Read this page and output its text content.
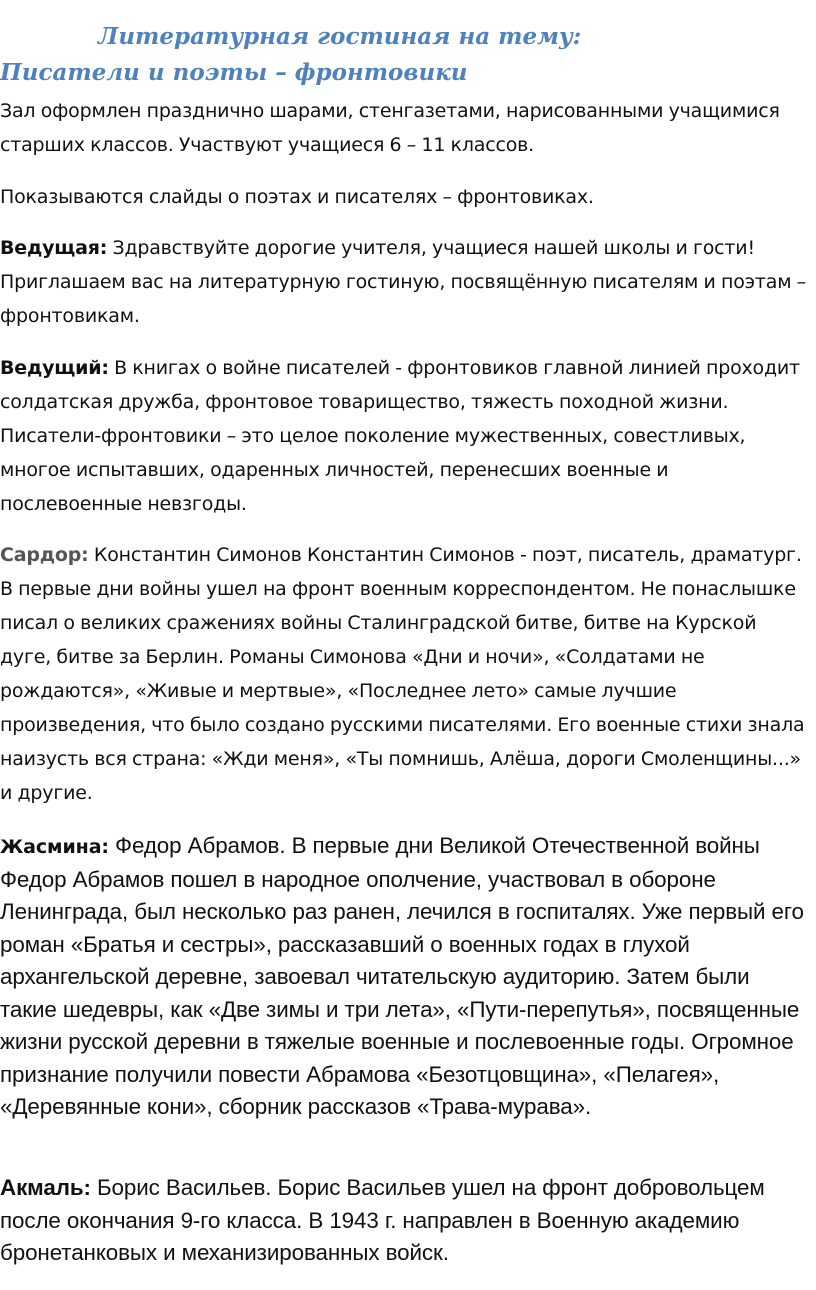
Литературная гостиная на тему:
Писатели и поэты – фронтовики
Зал оформлен празднично шарами, стенгазетами, нарисованными учащимися старших классов. Участвуют учащиеся 6 – 11 классов.
Показываются слайды о поэтах и писателях – фронтовиках.
Ведущая: Здравствуйте дорогие учителя, учащиеся нашей школы и гости! Приглашаем вас на литературную гостиную, посвящённую писателям и поэтам – фронтовикам.
Ведущий: В книгах о войне писателей - фронтовиков главной линией проходит солдатская дружба, фронтовое товарищество, тяжесть походной жизни. Писатели-фронтовики – это целое поколение мужественных, совестливых, многое испытавших, одаренных личностей, перенесших военные и послевоенные невзгоды.
Сардор: Константин Симонов Константин Симонов - поэт, писатель, драматург. В первые дни войны ушел на фронт военным корреспондентом. Не понаслышке писал о великих сражениях войны Сталинградской битве, битве на Курской дуге, битве за Берлин. Романы Симонова «Дни и ночи», «Солдатами не рождаются», «Живые и мертвые», «Последнее лето» самые лучшие произведения, что было создано русскими писателями. Его военные стихи знала наизусть вся страна: «Жди меня», «Ты помнишь, Алёша, дороги Смоленщины...» и другие.
Жасмина: Федор Абрамов. В первые дни Великой Отечественной войны Федор Абрамов пошел в народное ополчение, участвовал в обороне Ленинграда, был несколько раз ранен, лечился в госпиталях. Уже первый его роман «Братья и сестры», рассказавший о военных годах в глухой архангельской деревне, завоевал читательскую аудиторию. Затем были такие шедевры, как «Две зимы и три лета», «Пути-перепутья», посвященные жизни русской деревни в тяжелые военные и послевоенные годы. Огромное признание получили повести Абрамова «Безотцовщина», «Пелагея», «Деревянные кони», сборник рассказов «Трава-мурава».
Акмаль: Борис Васильев. Борис Васильев ушел на фронт добровольцем после окончания 9-го класса. В 1943 г. направлен в Военную академию бронетанковых и механизированных войск.
